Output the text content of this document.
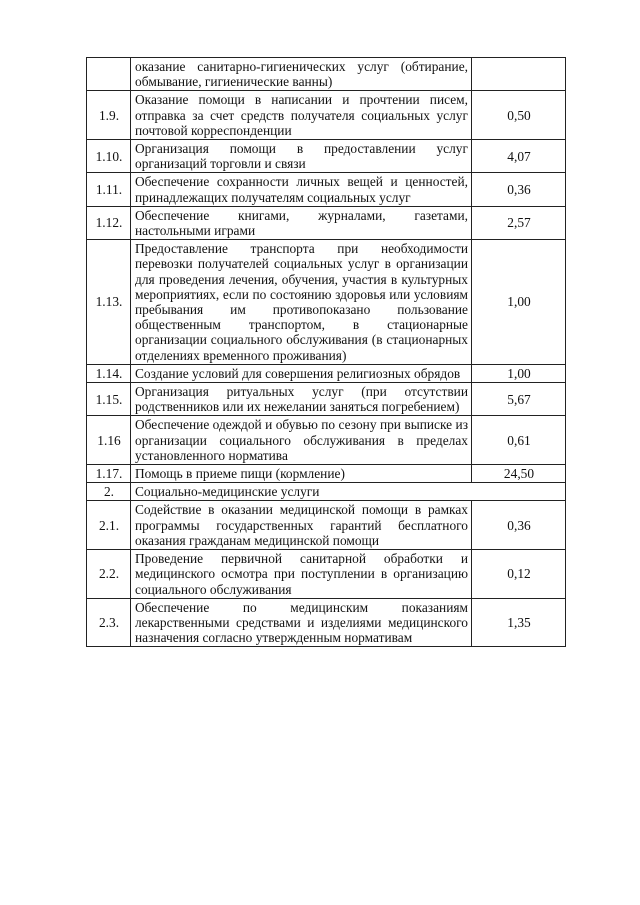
	оказание санитарно-гигиенических услуг (обтирание, обмывание, гигиенические ванны)	
1.9.	Оказание помощи в написании и прочтении писем, отправка за счет средств получателя социальных услуг почтовой корреспонденции	0,50
1.10.	Организация помощи в предоставлении услуг организаций торговли и связи	4,07
1.11.	Обеспечение сохранности личных вещей и ценностей, принадлежащих получателям социальных услуг	0,36
1.12.	Обеспечение книгами, журналами, газетами, настольными играми	2,57
1.13.	Предоставление транспорта при необходимости перевозки получателей социальных услуг в организации для проведения лечения, обучения, участия в культурных мероприятиях, если по состоянию здоровья или условиям пребывания им противопоказано пользование общественным транспортом, в стационарные организации социального обслуживания (в стационарных отделениях временного проживания)	1,00
1.14.	Создание условий для совершения религиозных обрядов	1,00
1.15.	Организация ритуальных услуг (при отсутствии родственников или их нежелании заняться погребением)	5,67
1.16	Обеспечение одеждой и обувью по сезону при выписке из организации социального обслуживания в пределах установленного норматива	0,61
1.17.	Помощь в приеме пищи (кормление)	24,50
2.	Социально-медицинские услуги	
2.1.	Содействие в оказании медицинской помощи в рамках программы государственных гарантий бесплатного оказания гражданам медицинской помощи	0,36
2.2.	Проведение первичной санитарной обработки и медицинского осмотра при поступлении в организацию социального обслуживания	0,12
2.3.	Обеспечение по медицинским показаниям лекарственными средствами и изделиями медицинского назначения согласно утвержденным нормативам	1,35
